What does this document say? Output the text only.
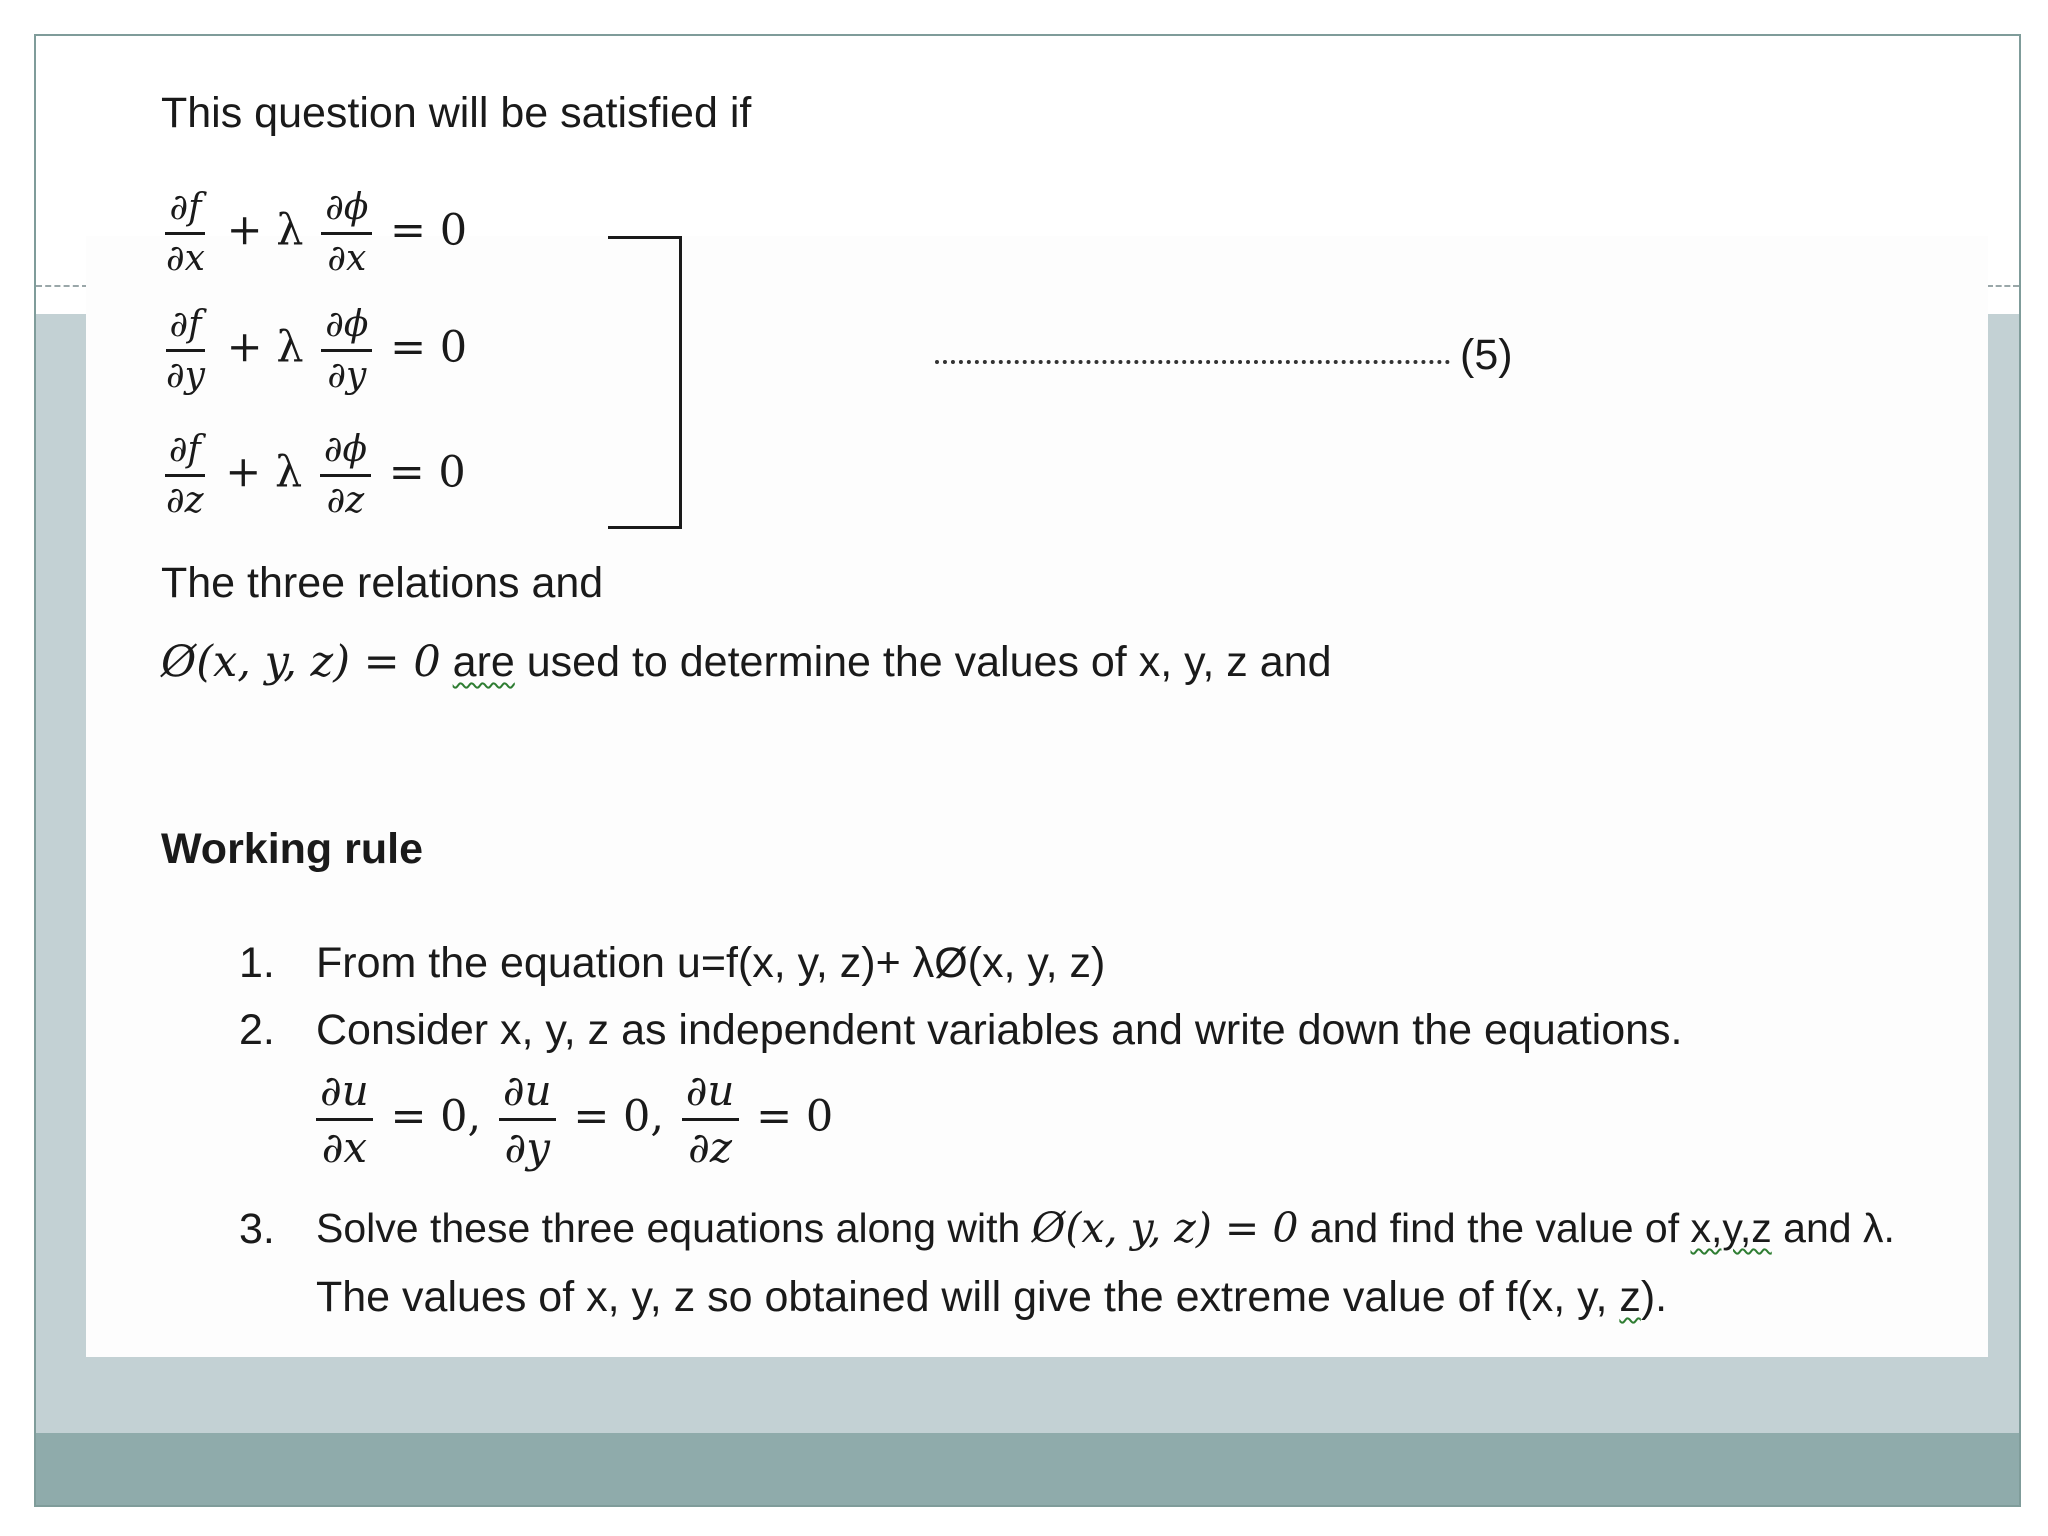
This question will be satisfied if
$\frac{\partial f}{\partial x} + \lambda \frac{\partial\phi}{\partial x} = 0$
$\frac{\partial f}{\partial y} + \lambda \frac{\partial\phi}{\partial y} = 0$
$\frac{\partial f}{\partial z} + \lambda \frac{\partial\phi}{\partial z} = 0$
(5)
The three relations and
Ø(x, y, z) = 0 are used to determine the values of x, y, z and
Working rule
1. From the equation u=f(x, y, z)+ λØ(x, y, z)
2. Consider x, y, z as independent variables and write down the equations.
$\frac{\partial u}{\partial x} = 0$, $\frac{\partial u}{\partial y} = 0$, $\frac{\partial u}{\partial z} = 0$
3. Solve these three equations along with Ø(x, y, z) = 0 and find the value of x,y,z and λ.
The values of x, y, z so obtained will give the extreme value of f(x, y, z).
